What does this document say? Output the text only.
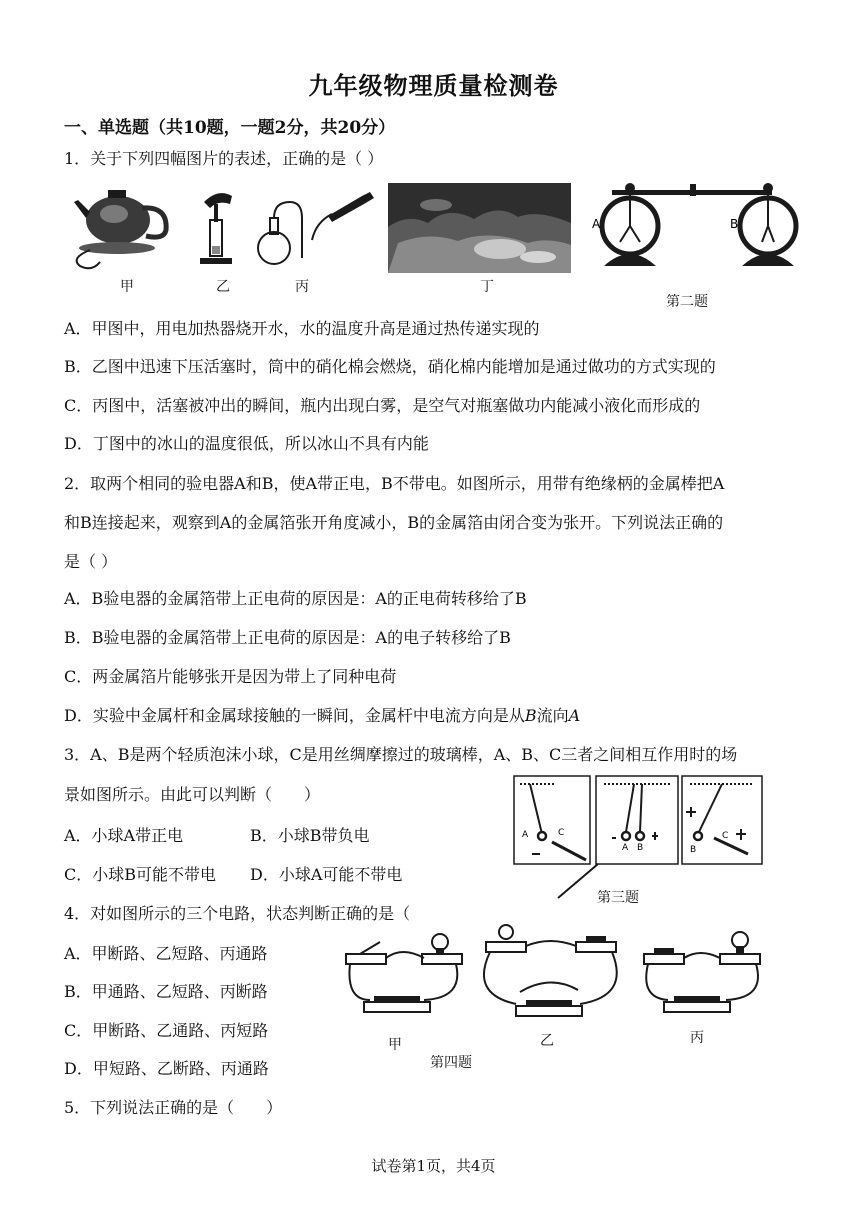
九年级物理质量检测卷
一、单选题（共10题，一题2分，共20分）
1．关于下列四幅图片的表述，正确的是（ ）
甲	乙	丙	丁
A	B
第二题
A．甲图中，用电加热器烧开水，水的温度升高是通过热传递实现的
B．乙图中迅速下压活塞时，筒中的硝化棉会燃烧，硝化棉内能增加是通过做功的方式实现的
C．丙图中，活塞被冲出的瞬间，瓶内出现白雾，是空气对瓶塞做功内能减小液化而形成的
D．丁图中的冰山的温度很低，所以冰山不具有内能
2．取两个相同的验电器A和B，使A带正电，B不带电。如图所示，用带有绝缘柄的金属棒把A
和B连接起来，观察到A的金属箔张开角度减小，B的金属箔由闭合变为张开。下列说法正确的
是（ ）
A．B验电器的金属箔带上正电荷的原因是：A的正电荷转移给了B
B．B验电器的金属箔带上正电荷的原因是：A的电子转移给了B
C．两金属箔片能够张开是因为带上了同种电荷
D．实验中金属杆和金属球接触的一瞬间，金属杆中电流方向是从B流向A
3．A、B是两个轻质泡沫小球，C是用丝绸摩擦过的玻璃棒，A、B、C三者之间相互作用时的场
景如图所示。由此可以判断（　　）
A．小球A带正电	B．小球B带负电
C．小球B可能不带电 D．小球A可能不带电
A	C
A B	B
C
第三题
4．对如图所示的三个电路，状态判断正确的是（
A．甲断路、乙短路、丙通路
B．甲通路、乙短路、丙断路
C．甲断路、乙通路、丙短路
D．甲短路、乙断路、丙通路
甲	乙	丙
第四题
5．下列说法正确的是（　　）
试卷第1页，共4页
